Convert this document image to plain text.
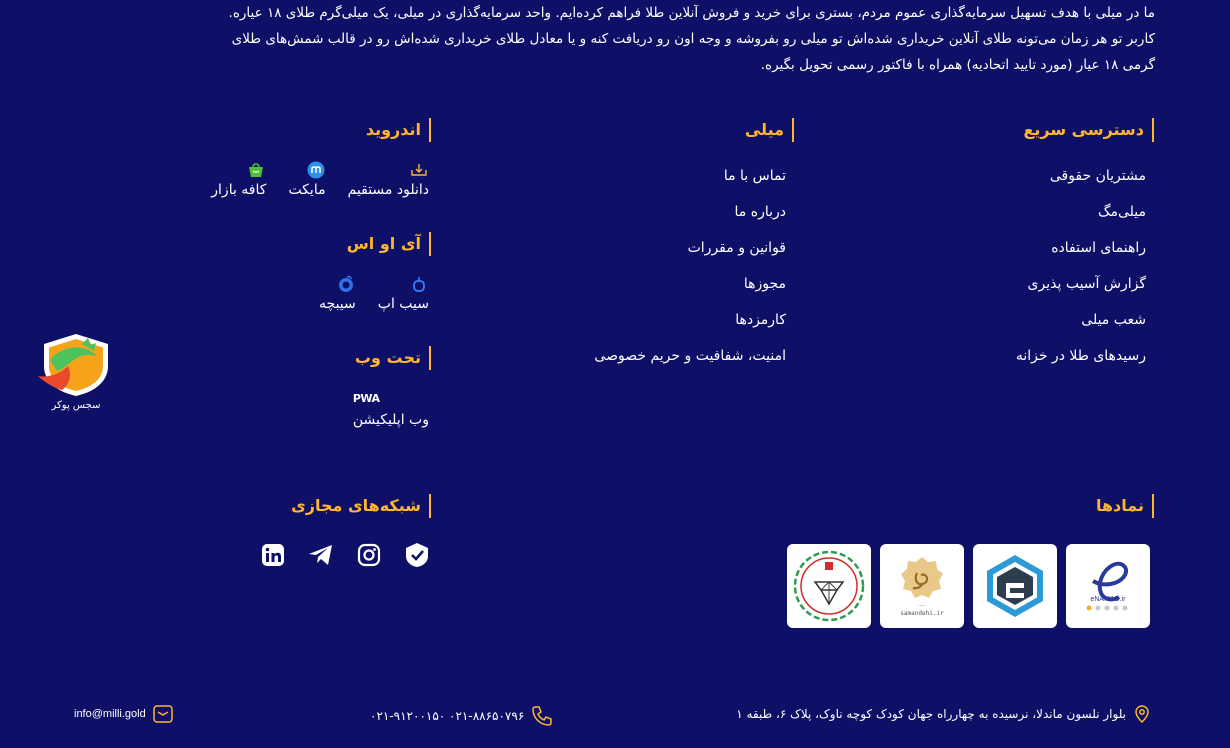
ما در میلی با هدف تسهیل سرمایه‌گذاری عموم مردم، بستری برای خرید و فروش آنلاین طلا فراهم کرده‌ایم. واحد سرمایه‌گذاری در میلی، یک میلی‌گرم طلای ۱۸ عیاره.

کاربر تو هر زمان می‌تونه طلای آنلاین خریداری شده‌اش تو میلی رو بفروشه و وجه اون رو دریافت کنه و یا معادل طلای خریداری شده‌اش رو در قالب شمش‌های طلای

گرمی ۱۸ عیار (مورد تایید اتحادیه) همراه با فاکتور رسمی تحویل بگیره.

دسترسی سریع
مشتریان حقوقی
میلی‌مگ
راهنمای استفاده
گزارش آسیب پذیری
شعب میلی
رسیدهای طلا در خزانه
میلی
تماس با ما
درباره ما
قوانین و مقررات
مجوزها
کارمزدها
امنیت، شفافیت و حریم خصوصی
اندروید
کافه بازار مایکت دانلود مستقیم
آی او اس
سیبچه سیب اپ
تحت وب
PWA
وب اپلیکیشن
سجس پوکر
نمادها
eNAMAD.ir
·····
samandehi.ir
شبکه‌های مجازی
بلوار نلسون ماندلا، نرسیده به چهارراه جهان کودک کوچه ناوک، پلاک ۶، طبقه ۱
۰۲۱-۹۱۲۰۰۱۵۰ ۰۲۱-۸۸۶۵۰۷۹۶
info@milli.gold
